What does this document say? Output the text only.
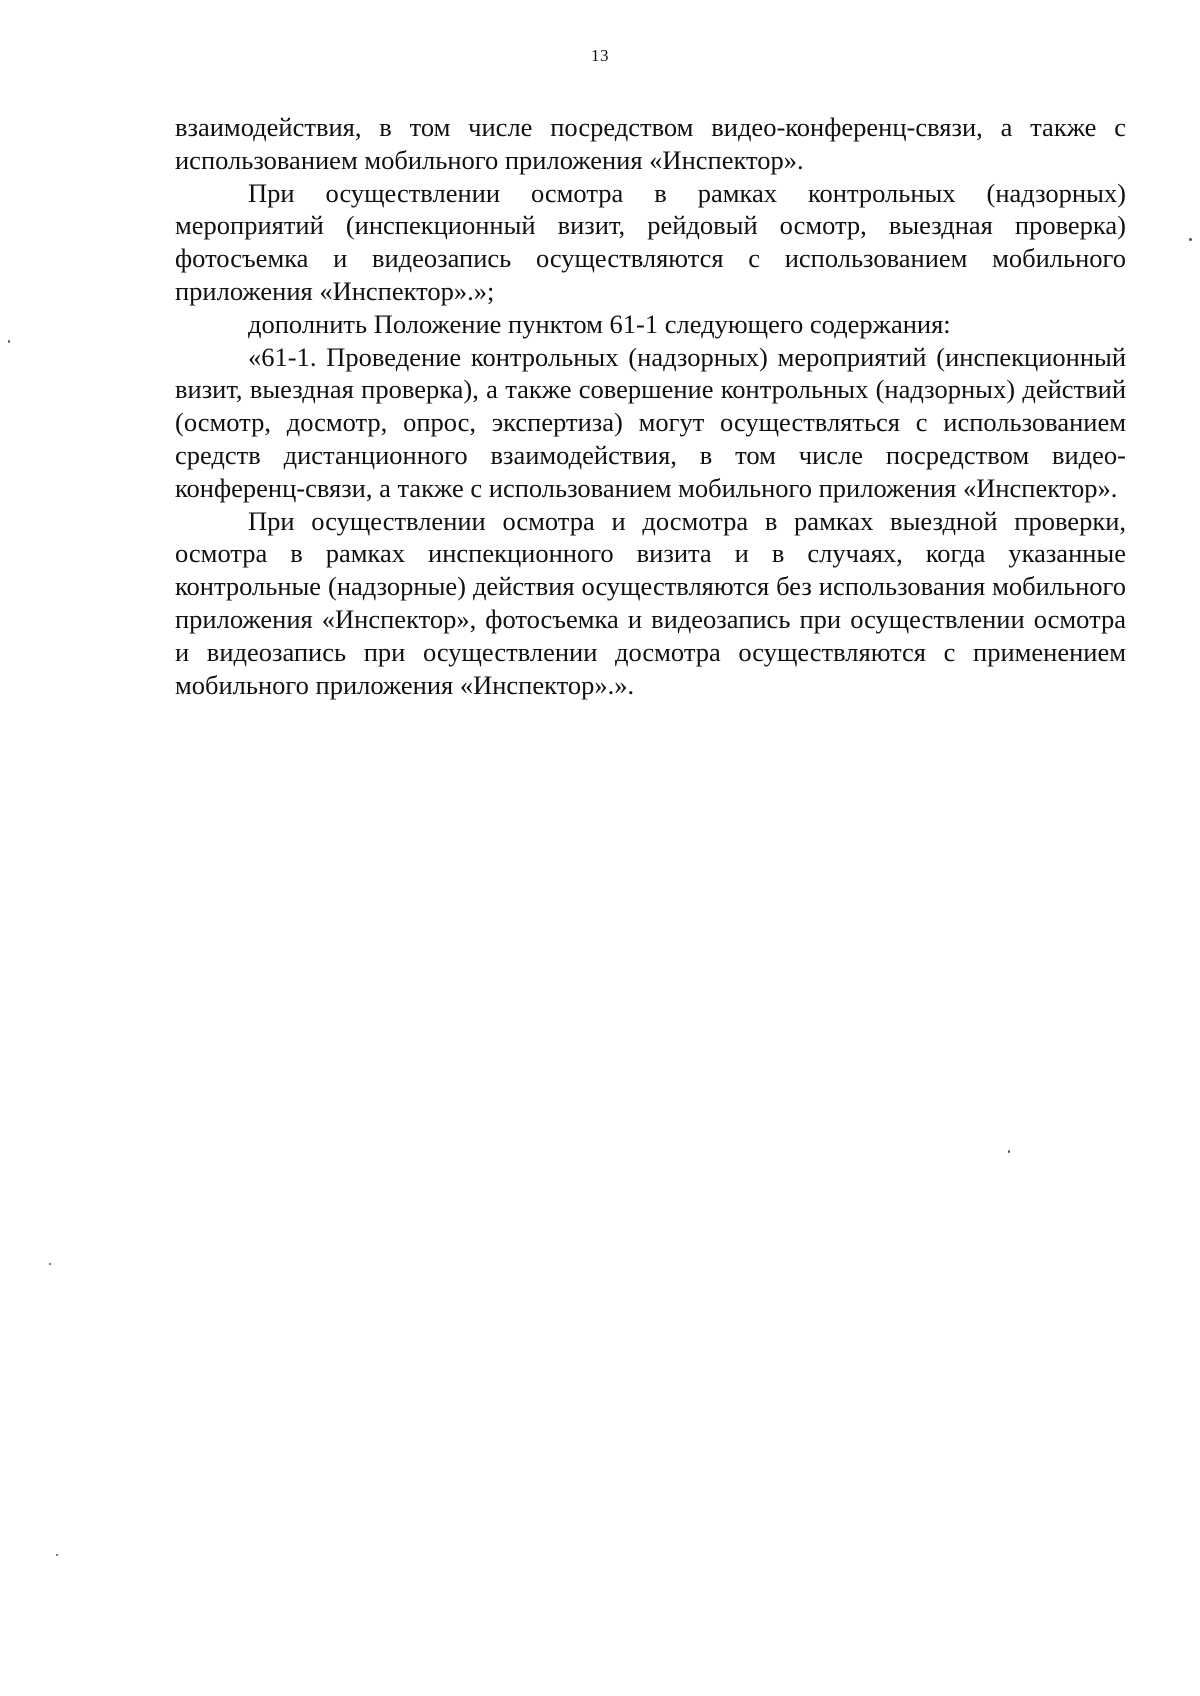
13

взаимодействия, в том числе посредством видео-конференц-связи, а также с использованием мобильного приложения «Инспектор».

При осуществлении осмотра в рамках контрольных (надзорных) мероприятий (инспекционный визит, рейдовый осмотр, выездная проверка) фотосъемка и видеозапись осуществляются с использованием мобильного приложения «Инспектор».»;

дополнить Положение пунктом 61-1 следующего содержания:

«61-1. Проведение контрольных (надзорных) мероприятий (инспекционный визит, выездная проверка), а также совершение контрольных (надзорных) действий (осмотр, досмотр, опрос, экспертиза) могут осуществляться с использованием средств дистанционного взаимодействия, в том числе посредством видео-конференц-связи, а также с использованием мобильного приложения «Инспектор».

При осуществлении осмотра и досмотра в рамках выездной проверки, осмотра в рамках инспекционного визита и в случаях, когда указанные контрольные (надзорные) действия осуществляются без использования мобильного приложения «Инспектор», фотосъемка и видеозапись при осуществлении осмотра и видеозапись при осуществлении досмотра осуществляются с применением мобильного приложения «Инспектор».».
